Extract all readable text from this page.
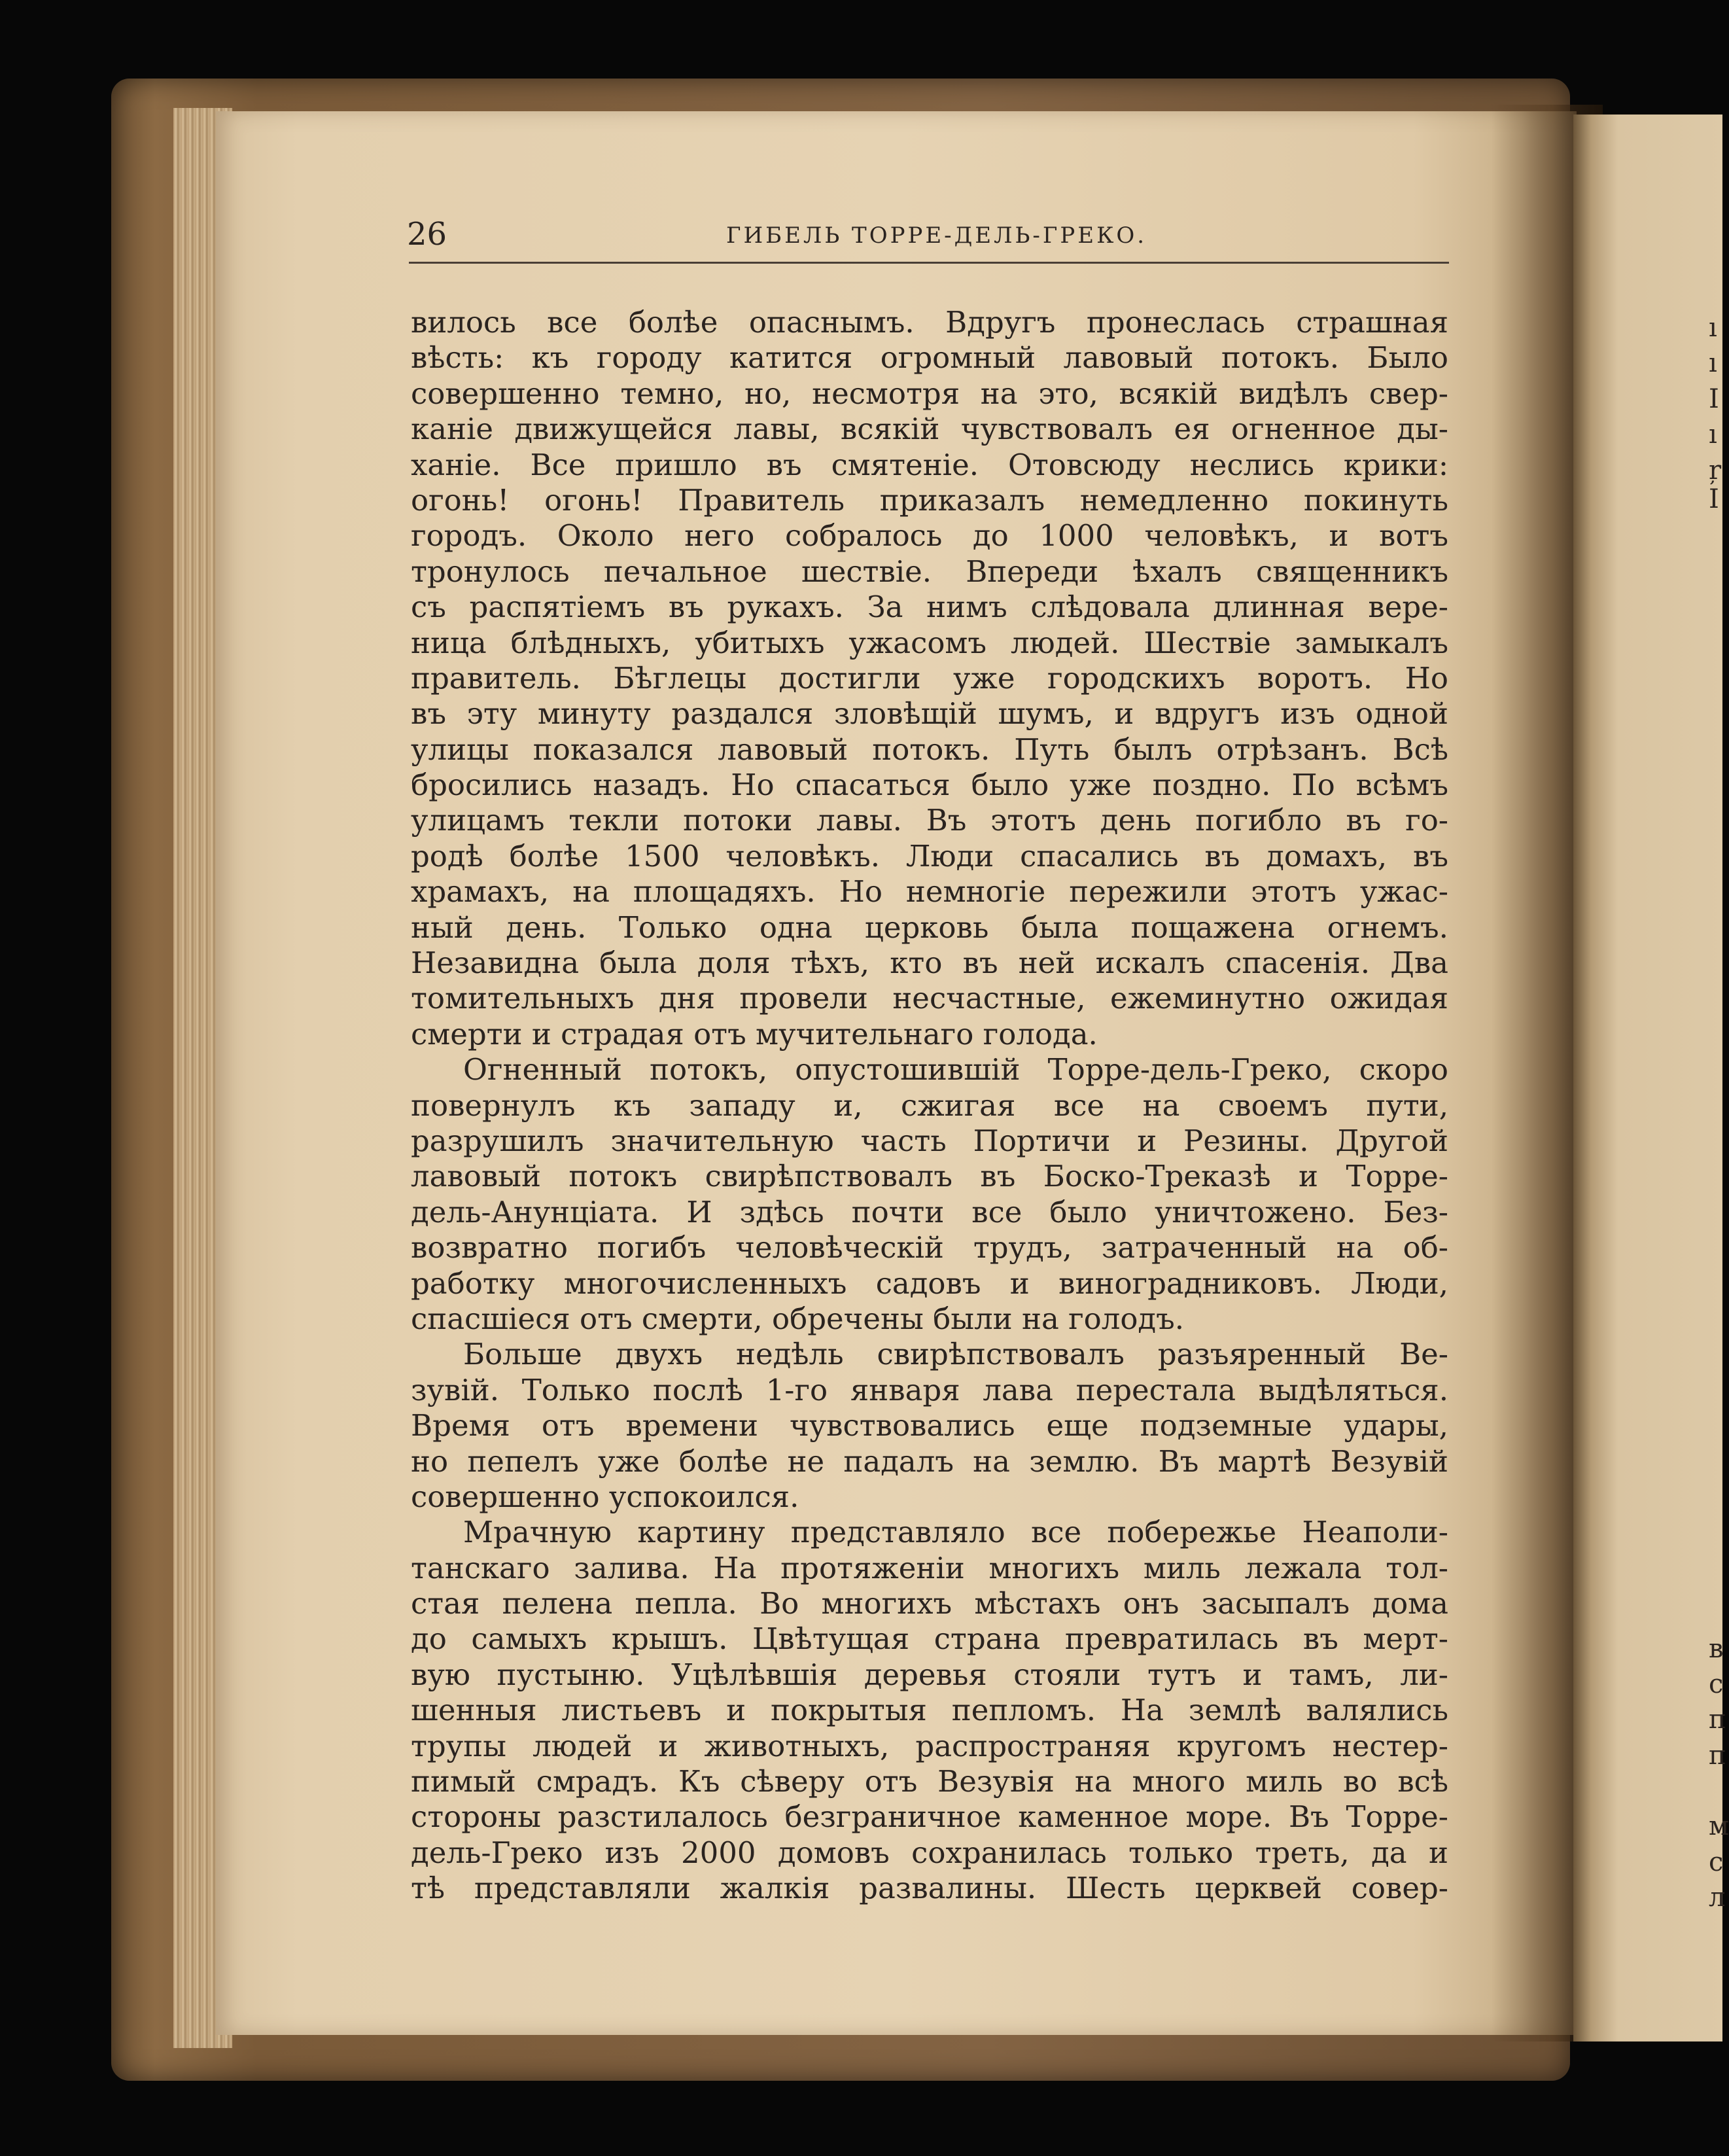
ı
ı
I
ı
ŗ
I
в
с
п
п
м
с
л
26	ГИБЕЛЬ ТОРРЕ-ДЕЛЬ-ГРЕКО.
вилось все болѣе опаснымъ. Вдругъ пронеслась страшная
вѣсть: къ городу катится огромный лавовый потокъ. Было
совершенно темно, но, несмотря на это, всякій видѣлъ свер-
каніе движущейся лавы, всякій чувствовалъ ея огненное ды-
ханіе. Все пришло въ смятеніе. Отовсюду неслись крики:
огонь! огонь! Правитель приказалъ немедленно покинуть
городъ. Около него собралось до 1000 человѣкъ, и вотъ
тронулось печальное шествіе. Впереди ѣхалъ священникъ
съ распятіемъ въ рукахъ. За нимъ слѣдовала длинная вере-
ница блѣдныхъ, убитыхъ ужасомъ людей. Шествіе замыкалъ
правитель. Бѣглецы достигли уже городскихъ воротъ. Но
въ эту минуту раздался зловѣщій шумъ, и вдругъ изъ одной
улицы показался лавовый потокъ. Путь былъ отрѣзанъ. Всѣ
бросились назадъ. Но спасаться было уже поздно. По всѣмъ
улицамъ текли потоки лавы. Въ этотъ день погибло въ го-
родѣ болѣе 1500 человѣкъ. Люди спасались въ домахъ, въ
храмахъ, на площадяхъ. Но немногіе пережили этотъ ужас-
ный день. Только одна церковь была пощажена огнемъ.
Незавидна была доля тѣхъ, кто въ ней искалъ спасенія. Два
томительныхъ дня провели несчастные, ежеминутно ожидая
смерти и страдая отъ мучительнаго голода.
Огненный потокъ, опустошившій Торре-дель-Греко, скоро
повернулъ къ западу и, сжигая все на своемъ пути,
разрушилъ значительную часть Портичи и Резины. Другой
лавовый потокъ свирѣпствовалъ въ Боско-Треказѣ и Торре-
дель-Анунціата. И здѣсь почти все было уничтожено. Без-
возвратно погибъ человѣческій трудъ, затраченный на об-
работку многочисленныхъ садовъ и виноградниковъ. Люди,
спасшіеся отъ смерти, обречены были на голодъ.
Больше двухъ недѣль свирѣпствовалъ разъяренный Ве-
зувій. Только послѣ 1-го января лава перестала выдѣляться.
Время отъ времени чувствовались еще подземные удары,
но пепелъ уже болѣе не падалъ на землю. Въ мартѣ Везувій
совершенно успокоился.
Мрачную картину представляло все побережье Неаполи-
танскаго залива. На протяженіи многихъ миль лежала тол-
стая пелена пепла. Во многихъ мѣстахъ онъ засыпалъ дома
до самыхъ крышъ. Цвѣтущая страна превратилась въ мерт-
вую пустыню. Уцѣлѣвшія деревья стояли тутъ и тамъ, ли-
шенныя листьевъ и покрытыя пепломъ. На землѣ валялись
трупы людей и животныхъ, распространяя кругомъ нестер-
пимый смрадъ. Къ сѣверу отъ Везувія на много миль во всѣ
стороны разстилалось безграничное каменное море. Въ Торре-
дель-Греко изъ 2000 домовъ сохранилась только треть, да и
тѣ представляли жалкія развалины. Шесть церквей совер-
